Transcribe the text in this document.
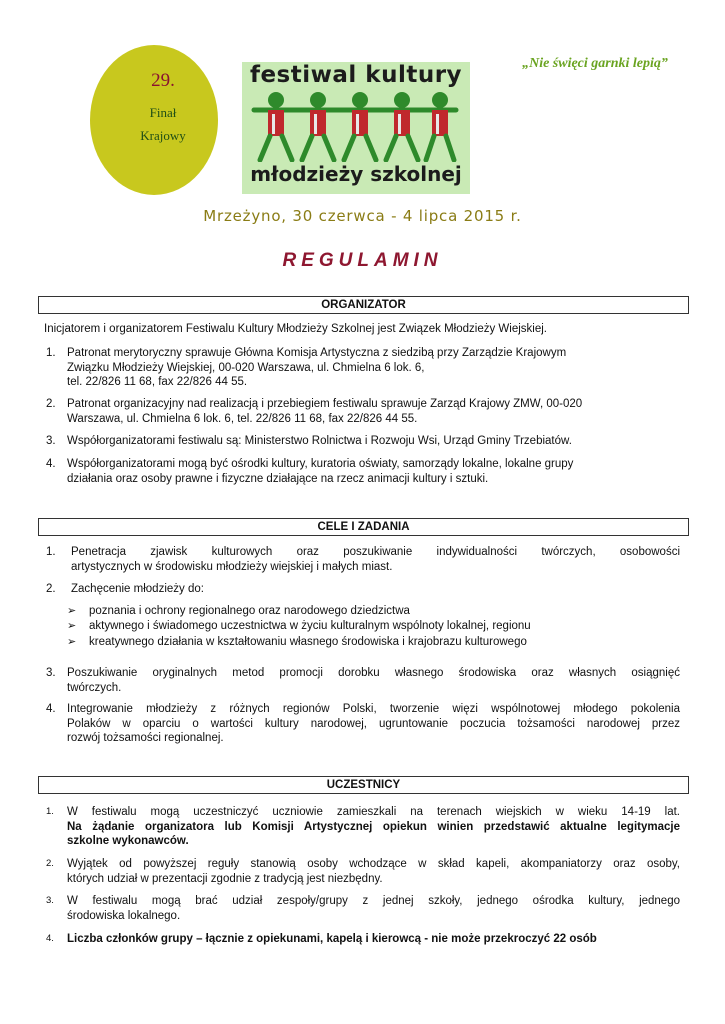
29.
Finał
Krajowy
festiwal kultury
młodzieży szkolnej
„Nie święci garnki lepią”
Mrzeżyno, 30 czerwca - 4 lipca 2015 r.
REGULAMIN
ORGANIZATOR
Inicjatorem i organizatorem Festiwalu Kultury Młodzieży Szkolnej jest Związek Młodzieży Wiejskiej.
1. Patronat merytoryczny sprawuje Główna Komisja Artystyczna z siedzibą przy Zarządzie Krajowym
Związku Młodzieży Wiejskiej, 00-020 Warszawa, ul. Chmielna 6 lok. 6,
tel. 22/826 11 68, fax 22/826 44 55.
2. Patronat organizacyjny nad realizacją i przebiegiem festiwalu sprawuje Zarząd Krajowy ZMW, 00-020
Warszawa, ul. Chmielna 6 lok. 6, tel. 22/826 11 68, fax 22/826 44 55.
3. Współorganizatorami festiwalu są: Ministerstwo Rolnictwa i Rozwoju Wsi, Urząd Gminy Trzebiatów.
4. Współorganizatorami mogą być ośrodki kultury, kuratoria oświaty, samorządy lokalne, lokalne grupy
działania oraz osoby prawne i fizyczne działające na rzecz animacji kultury i sztuki.
CELE I ZADANIA
1. Penetracja zjawisk kulturowych oraz poszukiwanie indywidualności twórczych, osobowości
artystycznych w środowisku młodzieży wiejskiej i małych miast.
2. Zachęcenie młodzieży do:
➢ poznania i ochrony regionalnego oraz narodowego dziedzictwa
➢ aktywnego i świadomego uczestnictwa w życiu kulturalnym wspólnoty lokalnej, regionu
➢ kreatywnego działania w kształtowaniu własnego środowiska i krajobrazu kulturowego
3. Poszukiwanie oryginalnych metod promocji dorobku własnego środowiska oraz własnych osiągnięć
twórczych.
4. Integrowanie młodzieży z różnych regionów Polski, tworzenie więzi wspólnotowej młodego pokolenia
Polaków w oparciu o wartości kultury narodowej, ugruntowanie poczucia tożsamości narodowej przez
rozwój tożsamości regionalnej.
UCZESTNICY
1. W festiwalu mogą uczestniczyć uczniowie zamieszkali na terenach wiejskich w wieku 14-19 lat.
Na żądanie organizatora lub Komisji Artystycznej opiekun winien przedstawić aktualne legitymacje
szkolne wykonawców.
2. Wyjątek od powyższej reguły stanowią osoby wchodzące w skład kapeli, akompaniatorzy oraz osoby,
których udział w prezentacji zgodnie z tradycją jest niezbędny.
3. W festiwalu mogą brać udział zespoły/grupy z jednej szkoły, jednego ośrodka kultury, jednego
środowiska lokalnego.
4. Liczba członków grupy – łącznie z opiekunami, kapelą i kierowcą - nie może przekroczyć 22 osób
